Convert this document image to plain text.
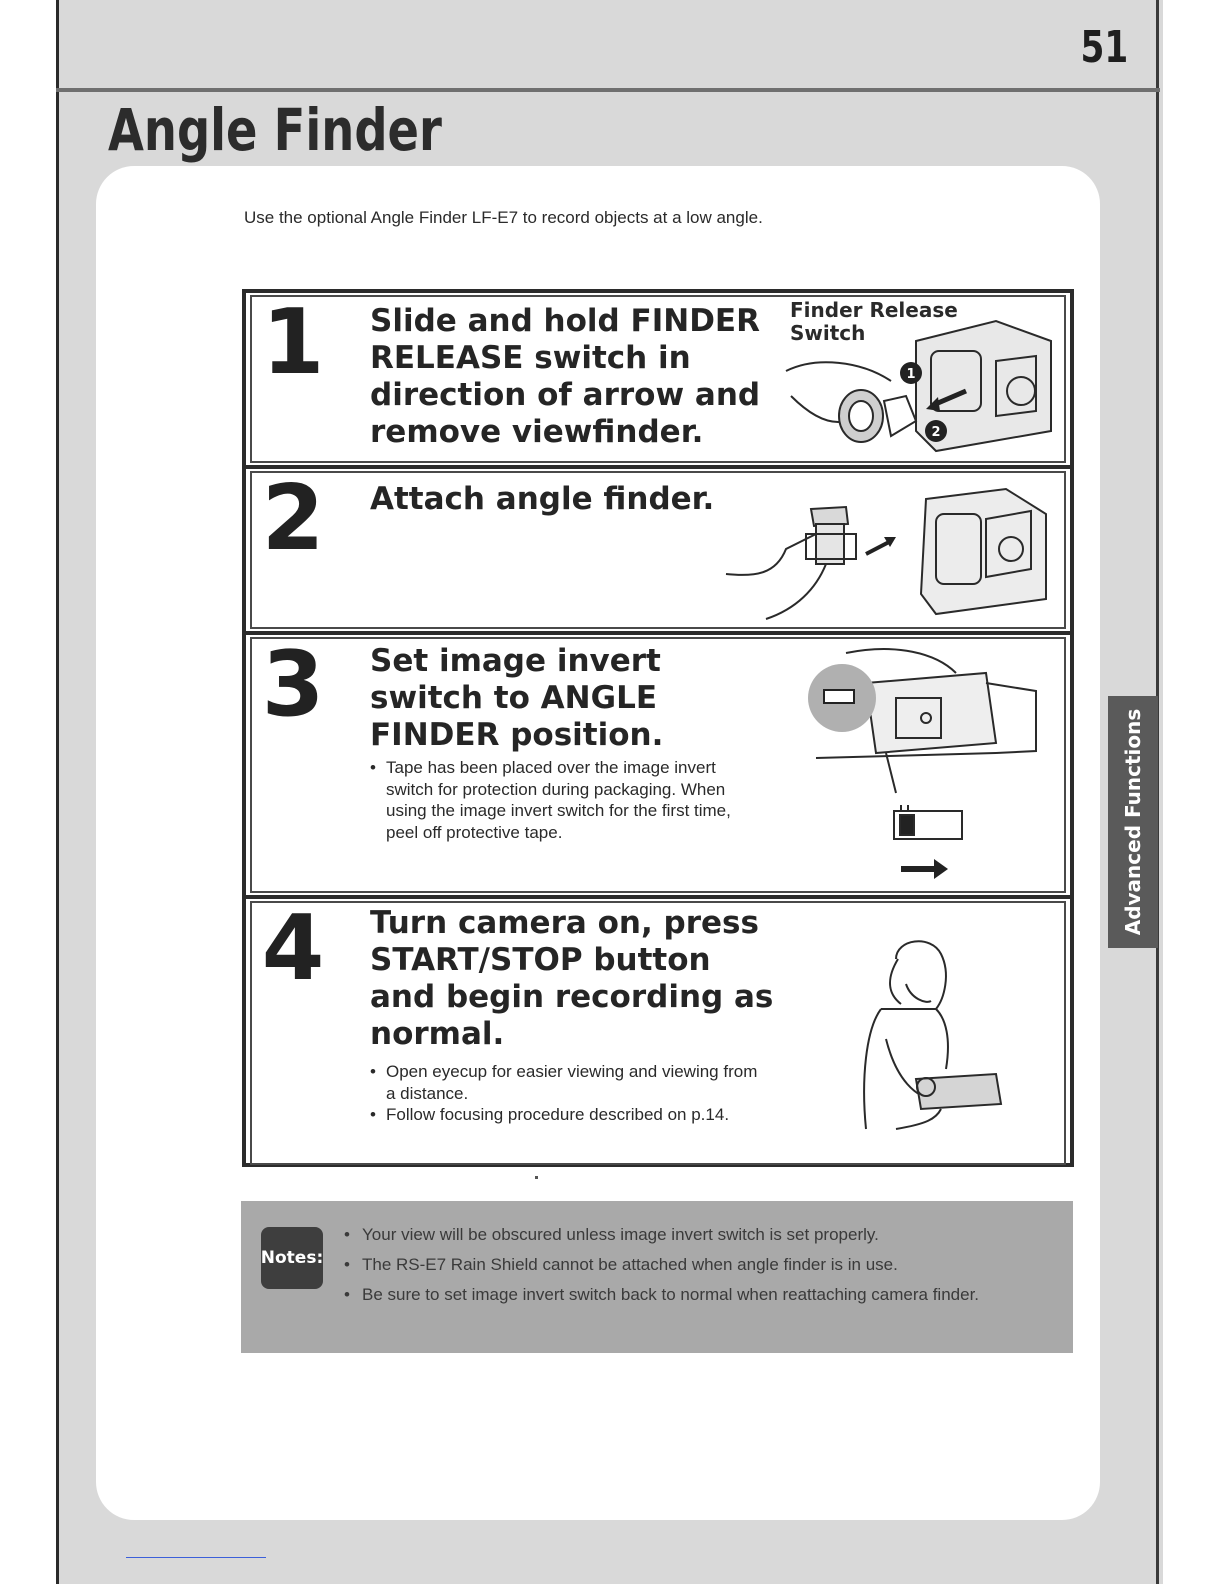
51
Angle Finder
Use the optional Angle Finder LF-E7 to record objects at a low angle.
1 Slide and hold FINDER RELEASE switch in direction of arrow and remove viewfinder.
Finder Release Switch
1
2
2 Attach angle finder.
3 Set image invert switch to ANGLE FINDER position.
• Tape has been placed over the image invert switch for protection during packaging. When using the image invert switch for the first time, peel off protective tape.
4 Turn camera on, press START/STOP button and begin recording as normal.
• Open eyecup for easier viewing and viewing from a distance.
• Follow focusing procedure described on p.14.
Advanced Functions
Notes:
• Your view will be obscured unless image invert switch is set properly.
• The RS-E7 Rain Shield cannot be attached when angle finder is in use.
• Be sure to set image invert switch back to normal when reattaching camera finder.
